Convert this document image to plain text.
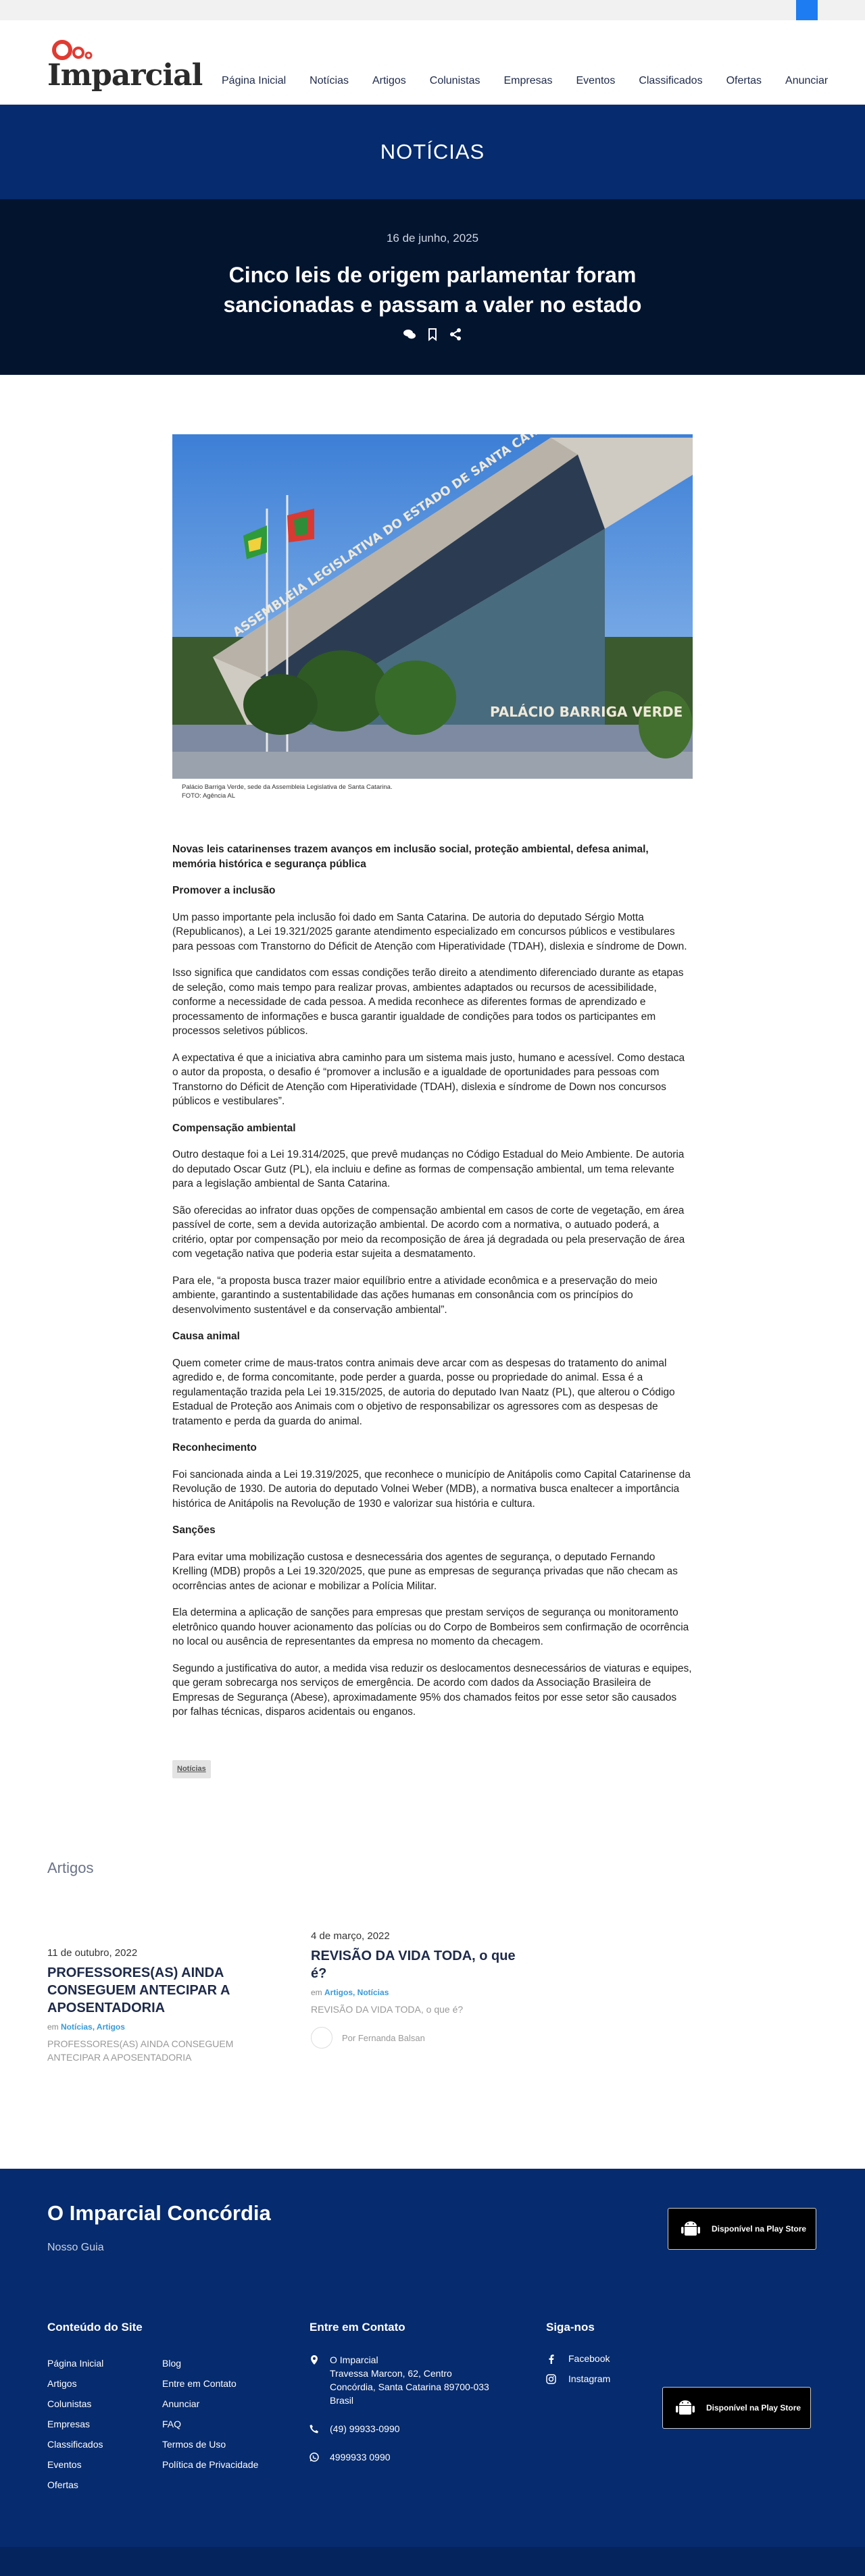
Imparcial Página Inicial Notícias Artigos Colunistas Empresas Eventos Classificados Ofertas Anunciar
NOTÍCIAS
16 de junho, 2025
Cinco leis de origem parlamentar foram sancionadas e passam a valer no estado
PALÁCIO BARRIGA VERDE
Palácio Barriga Verde, sede da Assembleia Legislativa de Santa Catarina.
FOTO: Agência AL

Novas leis catarinenses trazem avanços em inclusão social, proteção ambiental, defesa animal, memória histórica e segurança pública

Promover a inclusão

Um passo importante pela inclusão foi dado em Santa Catarina. De autoria do deputado Sérgio Motta (Republicanos), a Lei 19.321/2025 garante atendimento especializado em concursos públicos e vestibulares para pessoas com Transtorno do Déficit de Atenção com Hiperatividade (TDAH), dislexia e síndrome de Down.

Isso significa que candidatos com essas condições terão direito a atendimento diferenciado durante as etapas de seleção, como mais tempo para realizar provas, ambientes adaptados ou recursos de acessibilidade, conforme a necessidade de cada pessoa. A medida reconhece as diferentes formas de aprendizado e processamento de informações e busca garantir igualdade de condições para todos os participantes em processos seletivos públicos.

A expectativa é que a iniciativa abra caminho para um sistema mais justo, humano e acessível. Como destaca o autor da proposta, o desafio é “promover a inclusão e a igualdade de oportunidades para pessoas com Transtorno do Déficit de Atenção com Hiperatividade (TDAH), dislexia e síndrome de Down nos concursos públicos e vestibulares”.

Compensação ambiental

Outro destaque foi a Lei 19.314/2025, que prevê mudanças no Código Estadual do Meio Ambiente. De autoria do deputado Oscar Gutz (PL), ela incluiu e define as formas de compensação ambiental, um tema relevante para a legislação ambiental de Santa Catarina.

São oferecidas ao infrator duas opções de compensação ambiental em casos de corte de vegetação, em área passível de corte, sem a devida autorização ambiental. De acordo com a normativa, o autuado poderá, a critério, optar por compensação por meio da recomposição de área já degradada ou pela preservação de área com vegetação nativa que poderia estar sujeita a desmatamento.

Para ele, “a proposta busca trazer maior equilíbrio entre a atividade econômica e a preservação do meio ambiente, garantindo a sustentabilidade das ações humanas em consonância com os princípios do desenvolvimento sustentável e da conservação ambiental”.

Causa animal

Quem cometer crime de maus-tratos contra animais deve arcar com as despesas do tratamento do animal agredido e, de forma concomitante, pode perder a guarda, posse ou propriedade do animal. Essa é a regulamentação trazida pela Lei 19.315/2025, de autoria do deputado Ivan Naatz (PL), que alterou o Código Estadual de Proteção aos Animais com o objetivo de responsabilizar os agressores com as despesas de tratamento e perda da guarda do animal.

Reconhecimento

Foi sancionada ainda a Lei 19.319/2025, que reconhece o município de Anitápolis como Capital Catarinense da Revolução de 1930. De autoria do deputado Volnei Weber (MDB), a normativa busca enaltecer a importância histórica de Anitápolis na Revolução de 1930 e valorizar sua história e cultura.

Sanções

Para evitar uma mobilização custosa e desnecessária dos agentes de segurança, o deputado Fernando Krelling (MDB) propôs a Lei 19.320/2025, que pune as empresas de segurança privadas que não checam as ocorrências antes de acionar e mobilizar a Polícia Militar.

Ela determina a aplicação de sanções para empresas que prestam serviços de segurança ou monitoramento eletrônico quando houver acionamento das polícias ou do Corpo de Bombeiros sem confirmação de ocorrência no local ou ausência de representantes da empresa no momento da checagem.

Segundo a justificativa do autor, a medida visa reduzir os deslocamentos desnecessários de viaturas e equipes, que geram sobrecarga nos serviços de emergência. De acordo com dados da Associação Brasileira de Empresas de Segurança (Abese), aproximadamente 95% dos chamados feitos por esse setor são causados por falhas técnicas, disparos acidentais ou enganos.

Notícias
Artigos
11 de outubro, 2022
PROFESSORES(AS) AINDA CONSEGUEM ANTECIPAR A APOSENTADORIA
em Notícias, Artigos
PROFESSORES(AS) AINDA CONSEGUEM ANTECIPAR A APOSENTADORIA
4 de março, 2022
REVISÃO DA VIDA TODA, o que é?
em Artigos, Notícias
REVISÃO DA VIDA TODA, o que é?
Por Fernanda Balsan
O Imparcial Concórdia
Nosso Guia
Disponível na Play Store
Conteúdo do Site
Página Inicial
Artigos
Colunistas
Empresas
Classificados
Eventos
Ofertas
Blog
Entre em Contato
Anunciar
FAQ
Termos de Uso
Política de Privacidade
Entre em Contato
O Imparcial
Travessa Marcon, 62, Centro
Concórdia, Santa Catarina 89700-033
Brasil
(49) 99933-0990
4999933 0990
Siga-nos
Facebook
Instagram
Disponível na Play Store
